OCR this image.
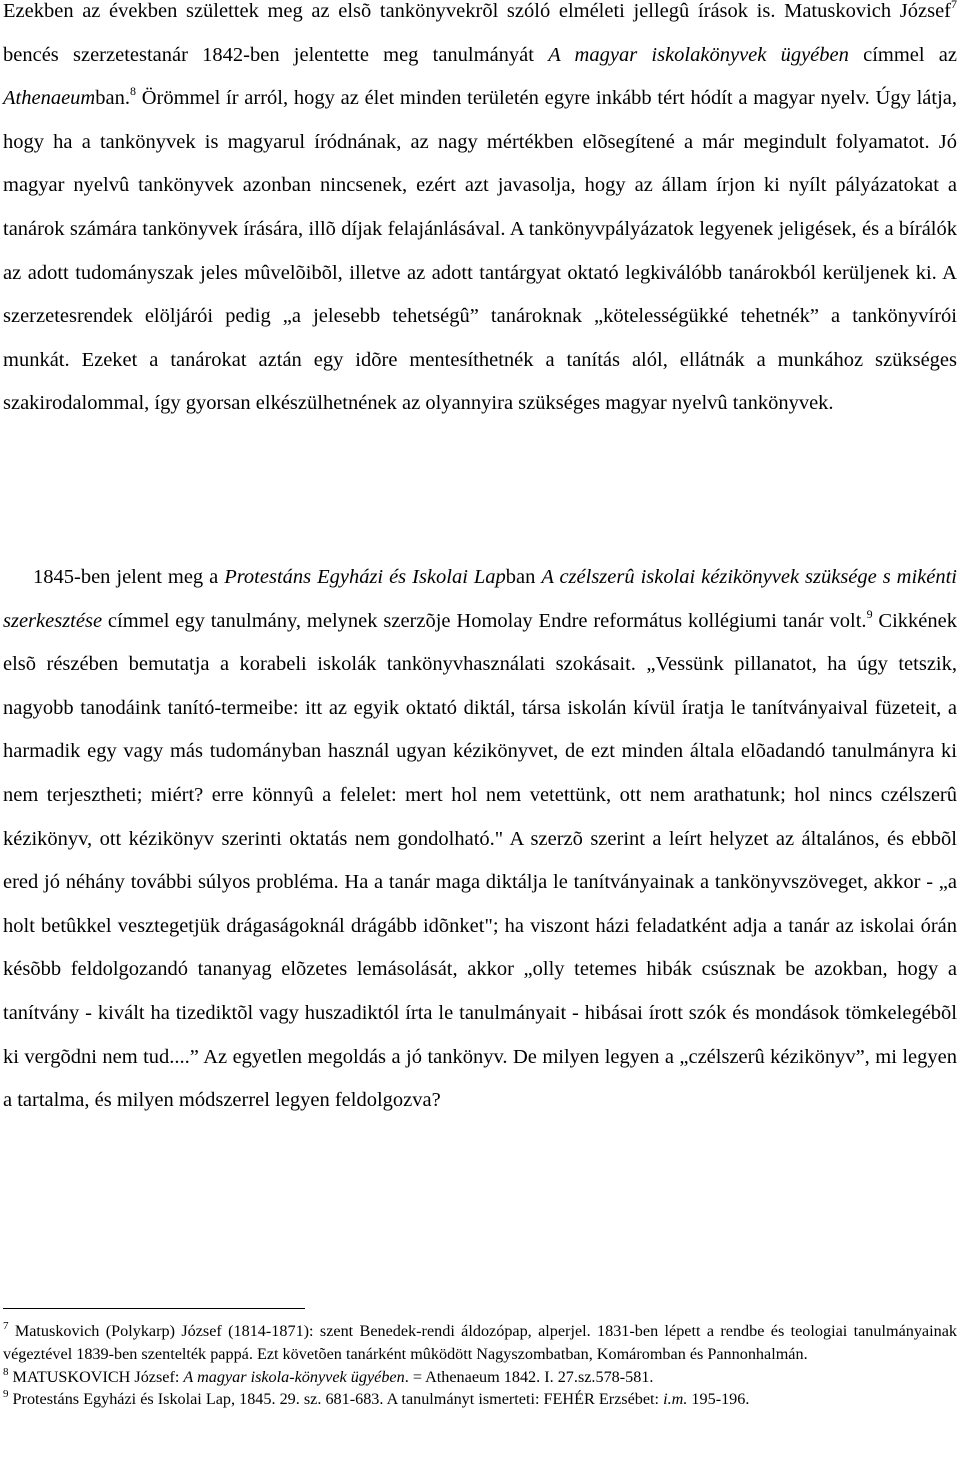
Ezekben az években születtek meg az elsõ tankönyvekrõl szóló elméleti jellegû írások is. Matuskovich József$^7$ bencés szerzetestanár 1842-ben jelentette meg tanulmányát A magyar iskolakönyvek ügyében címmel az Athenaeumban.$^8$ Örömmel ír arról, hogy az élet minden területén egyre inkább tért hódít a magyar nyelv. Úgy látja, hogy ha a tankönyvek is magyarul íródnának, az nagy mértékben elõsegítené a már megindult folyamatot. Jó magyar nyelvû tankönyvek azonban nincsenek, ezért azt javasolja, hogy az állam írjon ki nyílt pályázatokat a tanárok számára tankönyvek írására, illõ díjak felajánlásával. A tankönyvpályázatok legyenek jeligések, és a bírálók az adott tudományszak jeles mûvelõibõl, illetve az adott tantárgyat oktató legkiválóbb tanárokból kerüljenek ki. A szerzetesrendek elöljárói pedig „a jelesebb tehetségû” tanároknak „kötelességükké tehetnék” a tankönyvírói munkát. Ezeket a tanárokat aztán egy idõre mentesíthetnék a tanítás alól, ellátnák a munkához szükséges szakirodalommal, így gyorsan elkészülhetnének az olyannyira szükséges magyar nyelvû tankönyvek.

1845-ben jelent meg a Protestáns Egyházi és Iskolai Lapban A czélszerû iskolai kézikönyvek szüksége s mikénti szerkesztése címmel egy tanulmány, melynek szerzõje Homolay Endre református kollégiumi tanár volt.$^9$ Cikkének elsõ részében bemutatja a korabeli iskolák tankönyvhasználati szokásait. „Vessünk pillanatot, ha úgy tetszik, nagyobb tanodáink tanító-termeibe: itt az egyik oktató diktál, társa iskolán kívül íratja le tanítványaival füzeteit, a harmadik egy vagy más tudományban használ ugyan kézikönyvet, de ezt minden általa elõadandó tanulmányra ki nem terjesztheti; miért? erre könnyû a felelet: mert hol nem vetettünk, ott nem arathatunk; hol nincs czélszerû kézikönyv, ott kézikönyv szerinti oktatás nem gondolható." A szerzõ szerint a leírt helyzet az általános, és ebbõl ered jó néhány további súlyos probléma. Ha a tanár maga diktálja le tanítványainak a tankönyvszöveget, akkor - „a holt betûkkel vesztegetjük drágaságoknál drágább idõnket"; ha viszont házi feladatként adja a tanár az iskolai órán késõbb feldolgozandó tananyag elõzetes lemásolását, akkor „olly tetemes hibák csúsznak be azokban, hogy a tanítvány - kivált ha tizediktõl vagy huszadiktól írta le tanulmányait - hibásai írott szók és mondások tömkelegébõl ki vergõdni nem tud....” Az egyetlen megoldás a jó tankönyv. De milyen legyen a „czélszerû kézikönyv”, mi legyen a tartalma, és milyen módszerrel legyen feldolgozva?

$^7$ Matuskovich (Polykarp) József (1814-1871): szent Benedek-rendi áldozópap, alperjel. 1831-ben lépett a rendbe és teologiai tanulmányainak végeztével 1839-ben szentelték pappá. Ezt követõen tanárként mûködött Nagyszombatban, Komáromban és Pannonhalmán.

$^8$ MATUSKOVICH József: A magyar iskola-könyvek ügyében. = Athenaeum 1842. I. 27.sz.578-581.

$^9$ Protestáns Egyházi és Iskolai Lap, 1845. 29. sz. 681-683. A tanulmányt ismerteti: FEHÉR Erzsébet: i.m. 195-196.
